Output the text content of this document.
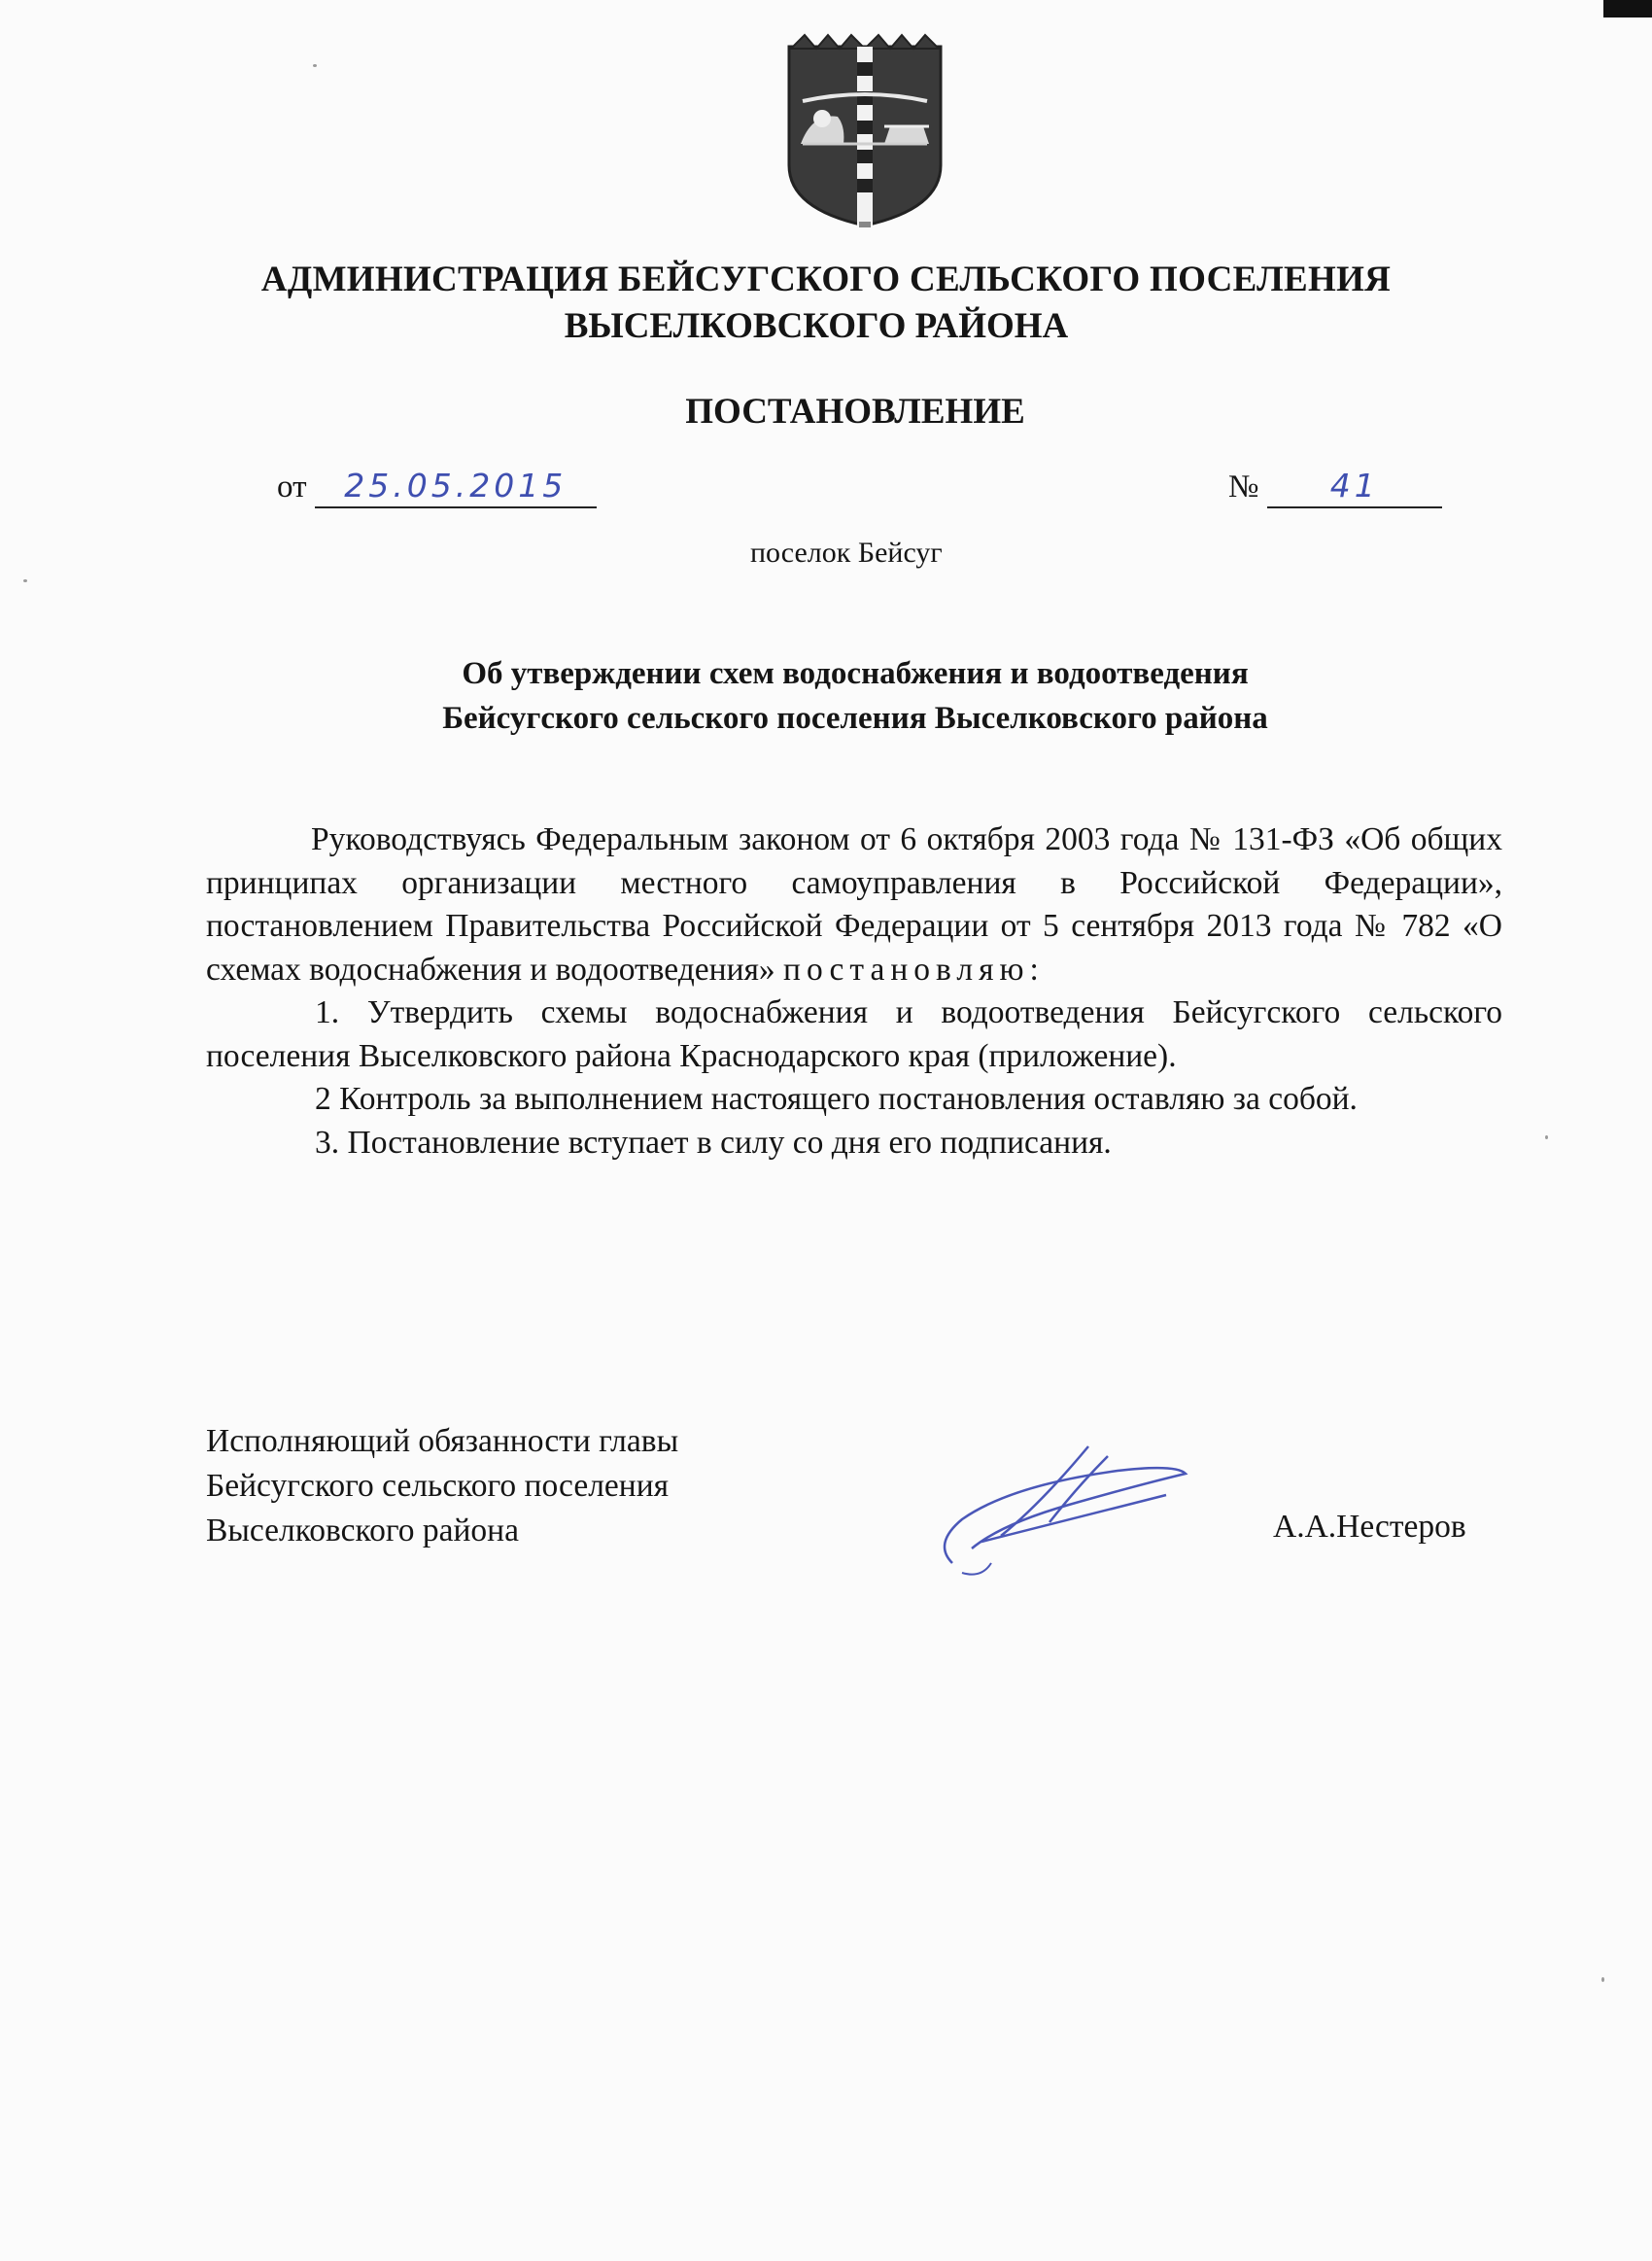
АДМИНИСТРАЦИЯ БЕЙСУГСКОГО СЕЛЬСКОГО ПОСЕЛЕНИЯ
ВЫСЕЛКОВСКОГО РАЙОНА
ПОСТАНОВЛЕНИЕ
от 25.05.2015	№ 41
поселок Бейсуг
Об утверждении схем водоснабжения и водоотведения
Бейсугского сельского поселения Выселковского района

Руководствуясь Федеральным законом от 6 октября 2003 года № 131-ФЗ «Об общих принципах организации местного самоуправления в Российской Федерации», постановлением Правительства Российской Федерации от 5 сентября 2013 года № 782 «О схемах водоснабжения и водоотведения» постановляю:

1. Утвердить схемы водоснабжения и водоотведения Бейсугского сельского поселения Выселковского района Краснодарского края (приложение).

2 Контроль за выполнением настоящего постановления оставляю за собой.

3. Постановление вступает в силу со дня его подписания.

Исполняющий обязанности главы
Бейсугского сельского поселения
Выселковского района	А.А.Нестеров
